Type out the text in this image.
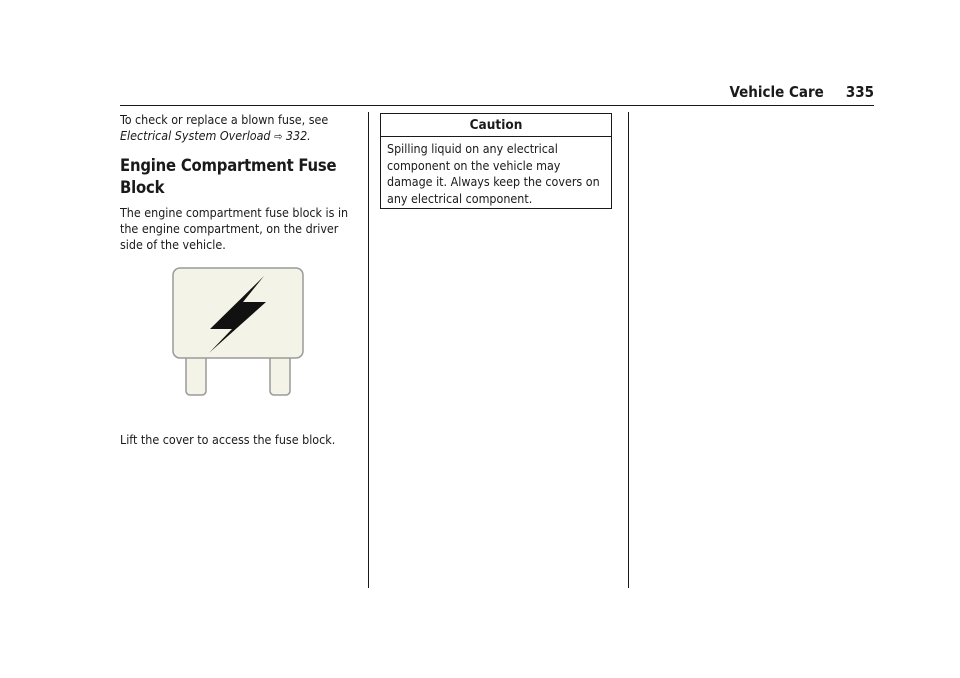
Vehicle Care 335

To check or replace a blown fuse, see
Electrical System Overload ⇨ 332.

Engine Compartment Fuse Block

The engine compartment fuse block is in the engine compartment, on the driver side of the vehicle.

Lift the cover to access the fuse block.

Caution

Spilling liquid on any electrical component on the vehicle may damage it. Always keep the covers on any electrical component.
